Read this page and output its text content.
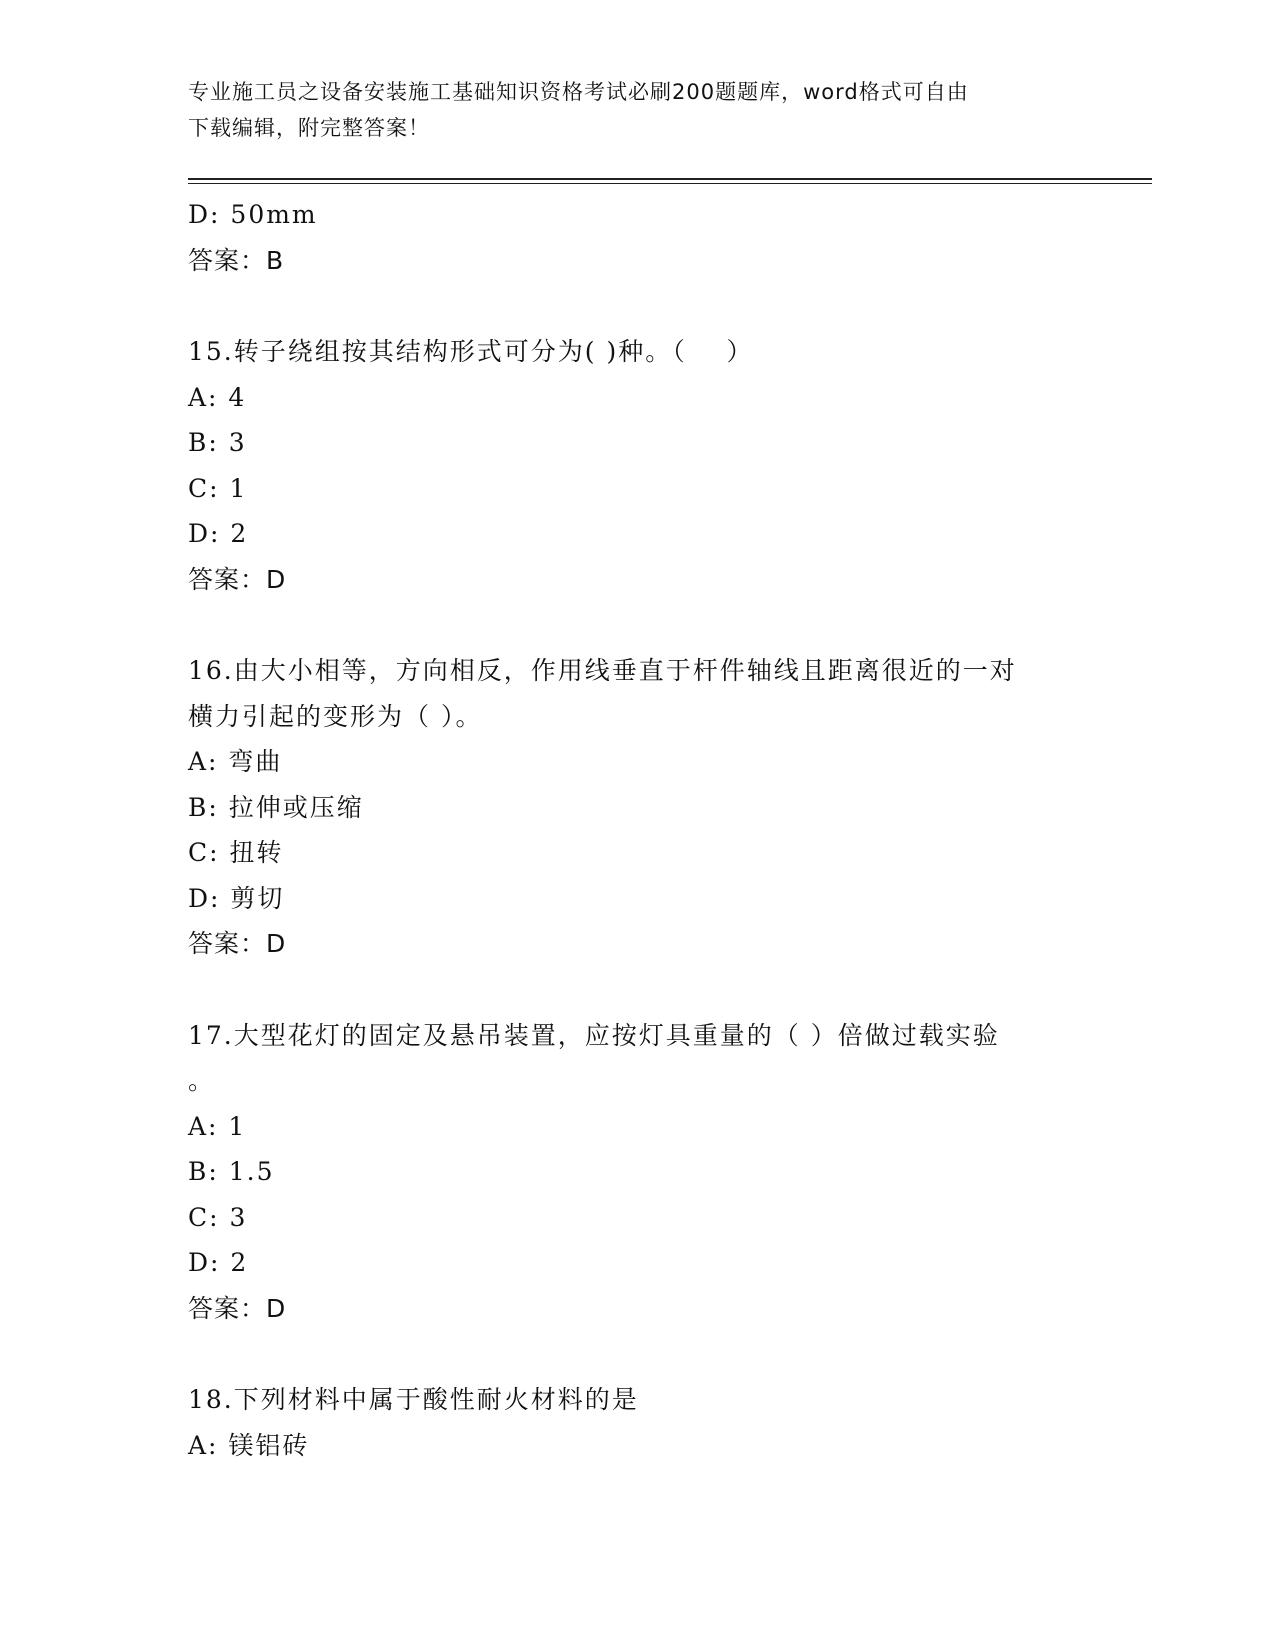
专业施工员之设备安装施工基础知识资格考试必刷200题题库，word格式可自由
下载编辑，附完整答案！
D: 50mm
答案：B
15.转子绕组按其结构形式可分为( )种。（    ）
A: 4
B: 3
C: 1
D: 2
答案：D
16.由大小相等，方向相反，作用线垂直于杆件轴线且距离很近的一对
横力引起的变形为（ ）。
A: 弯曲
B: 拉伸或压缩
C: 扭转
D: 剪切
答案：D
17.大型花灯的固定及悬吊装置，应按灯具重量的（ ）倍做过载实验
。
A: 1
B: 1.5
C: 3
D: 2
答案：D
18.下列材料中属于酸性耐火材料的是
A: 镁铝砖
